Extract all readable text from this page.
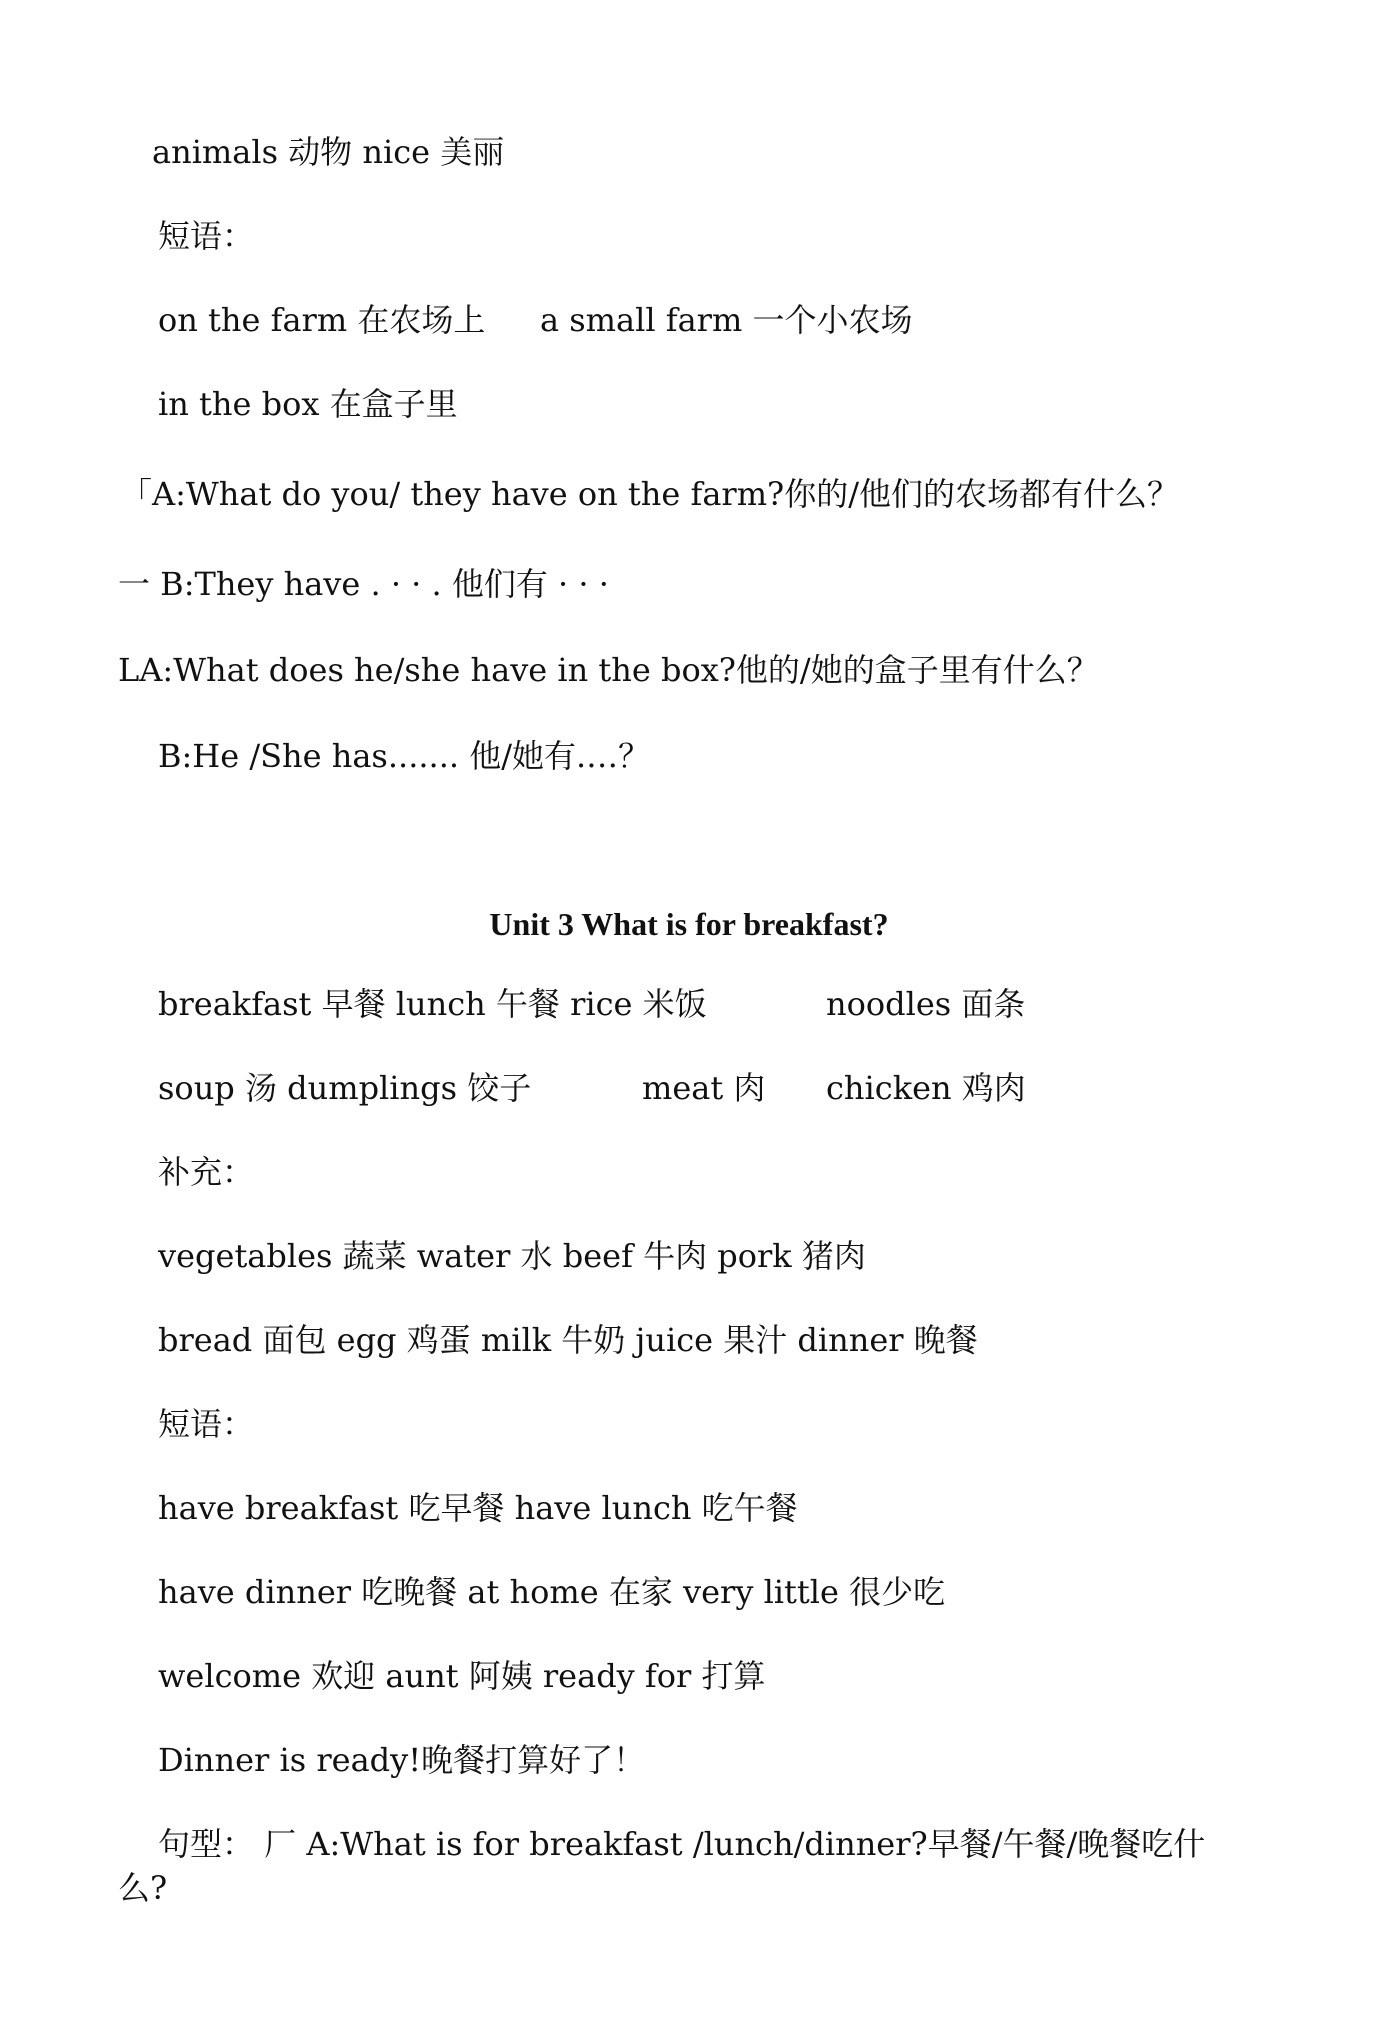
animals 动物 nice 美丽
短语：
on the farm 在农场上 a small farm 一个小农场
in the box 在盒子里
「A:What do you/ they have on the farm?你的/他们的农场都有什么？
一 B:They have . · · . 他们有 · · ·
LA:What does he/she have in the box?他的/她的盒子里有什么？
B:He /She has....... 他/她有.…？
Unit 3 What is for breakfast?
breakfast 早餐 lunch 午餐 rice 米饭	noodles 面条
soup 汤 dumplings 饺子	meat 肉 chicken 鸡肉
补充：
vegetables 蔬菜 water 水 beef 牛肉 pork 猪肉
bread 面包 egg 鸡蛋 milk 牛奶 juice 果汁 dinner 晚餐
短语：
have breakfast 吃早餐 have lunch 吃午餐
have dinner 吃晚餐 at home 在家 very little 很少吃
welcome 欢迎 aunt 阿姨 ready for 打算
Dinner is ready!晚餐打算好了！
句型： 厂 A:What is for breakfast /lunch/dinner?早餐/午餐/晚餐吃什
么?
